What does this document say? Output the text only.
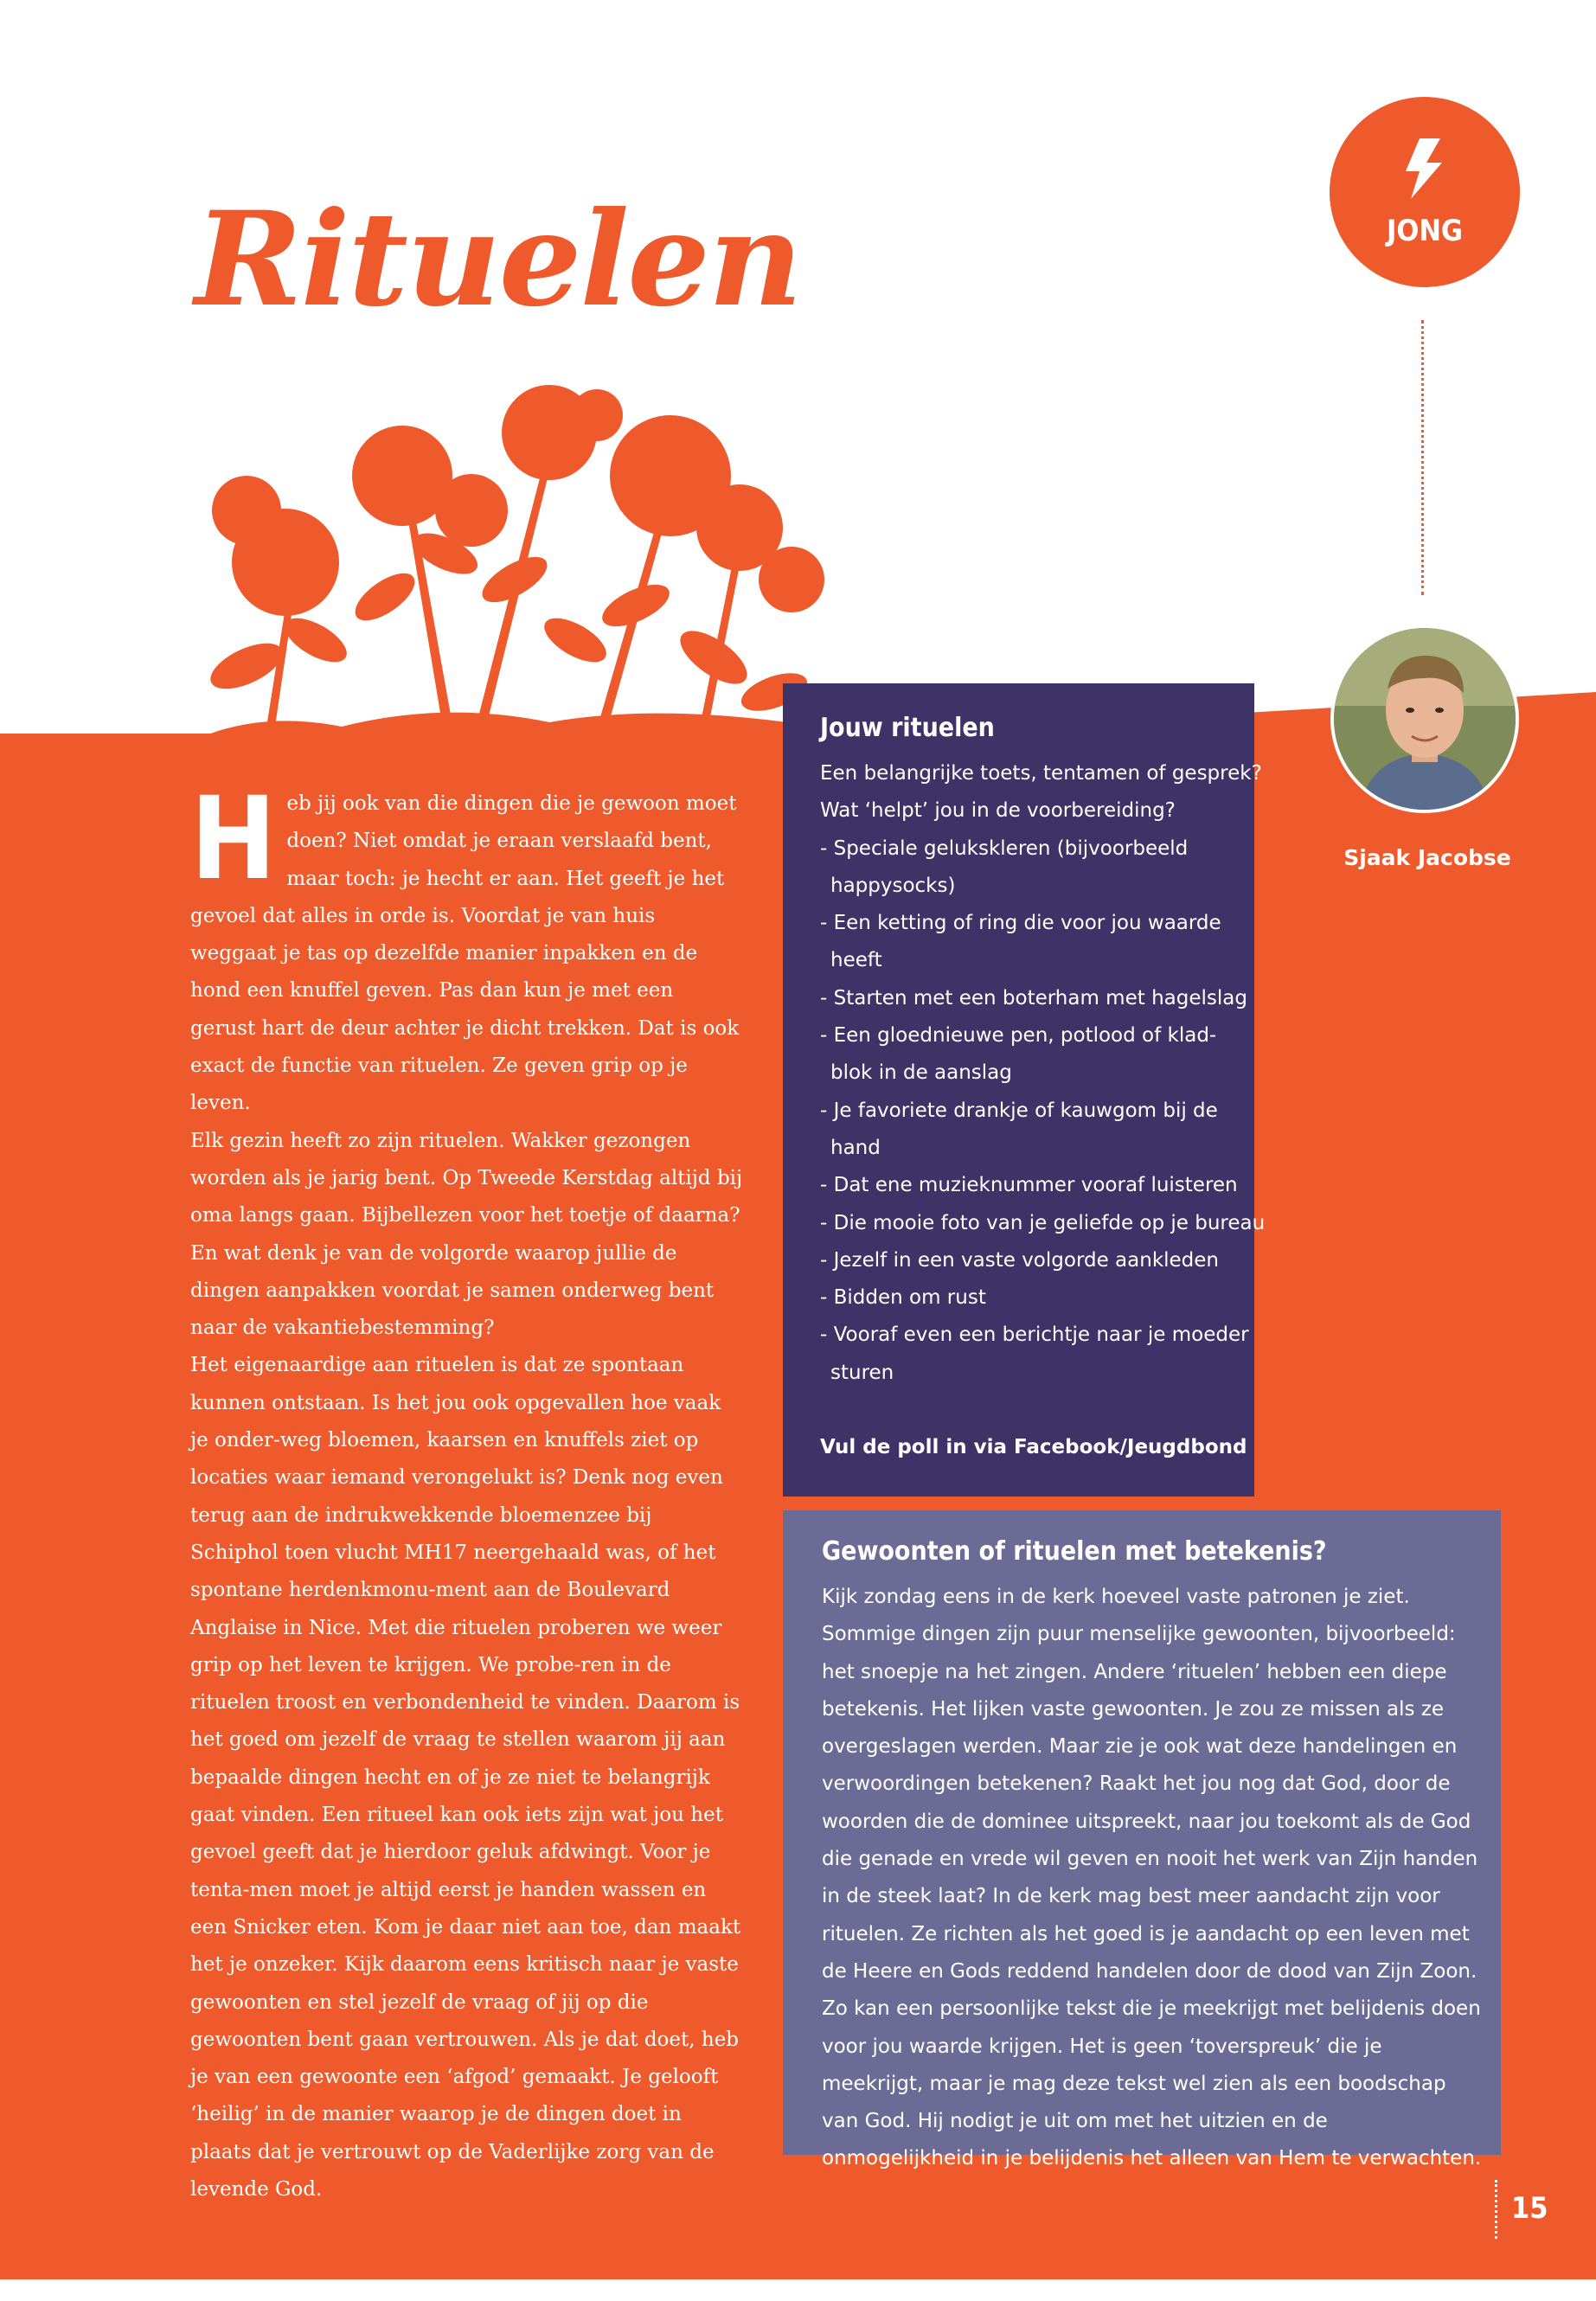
Rituelen	JONG
Sjaak Jacobse
H eb jij ook van die dingen die je gewoon moet doen? Niet omdat je eraan verslaafd bent, maar toch: je hecht er aan. Het geeft je het gevoel dat alles in orde is. Voordat je van huis weggaat je tas op dezelfde manier inpakken en de hond een knuffel geven. Pas dan kun je met een gerust hart de deur achter je dicht trekken. Dat is ook exact de functie van rituelen. Ze geven grip op je leven.

Elk gezin heeft zo zijn rituelen. Wakker gezongen worden als je jarig bent. Op Tweede Kerstdag altijd bij oma langs gaan. Bijbellezen voor het toetje of daarna? En wat denk je van de volgorde waarop jullie de dingen aanpakken voordat je samen onderweg bent naar de vakantiebestemming?

Het eigenaardige aan rituelen is dat ze spontaan kunnen ontstaan. Is het jou ook opgevallen hoe vaak je onder-weg bloemen, kaarsen en knuffels ziet op locaties waar iemand verongelukt is? Denk nog even terug aan de indrukwekkende bloemenzee bij Schiphol toen vlucht MH17 neergehaald was, of het spontane herdenkmonu-ment aan de Boulevard Anglaise in Nice. Met die rituelen proberen we weer grip op het leven te krijgen. We probe-ren in de rituelen troost en verbondenheid te vinden. Daarom is het goed om jezelf de vraag te stellen waarom jij aan bepaalde dingen hecht en of je ze niet te belangrijk gaat vinden. Een ritueel kan ook iets zijn wat jou het gevoel geeft dat je hierdoor geluk afdwingt. Voor je tenta-men moet je altijd eerst je handen wassen en een Snicker eten. Kom je daar niet aan toe, dan maakt het je onzeker. Kijk daarom eens kritisch naar je vaste gewoonten en stel jezelf de vraag of jij op die gewoonten bent gaan vertrouwen. Als je dat doet, heb je van een gewoonte een ‘afgod’ gemaakt. Je gelooft ‘heilig’ in de manier waarop je de dingen doet in plaats dat je vertrouwt op de Vaderlijke zorg van de levende God.

Jouw rituelen
Een belangrijke toets, tentamen of gesprek?
Wat ‘helpt’ jou in de voorbereiding?
- Speciale gelukskleren (bijvoorbeeld
happysocks)
- Een ketting of ring die voor jou waarde
heeft
- Starten met een boterham met hagelslag
- Een gloednieuwe pen, potlood of klad-
blok in de aanslag
- Je favoriete drankje of kauwgom bij de
hand
- Dat ene muzieknummer vooraf luisteren
- Die mooie foto van je geliefde op je bureau
- Jezelf in een vaste volgorde aankleden
- Bidden om rust
- Vooraf even een berichtje naar je moeder
sturen
Vul de poll in via Facebook/Jeugdbond
Gewoonten of rituelen met betekenis?
Kijk zondag eens in de kerk hoeveel vaste patronen je ziet. Sommige dingen zijn puur menselijke gewoonten, bijvoorbeeld: het snoepje na het zingen. Andere ‘rituelen’ hebben een diepe betekenis. Het lijken vaste gewoonten. Je zou ze missen als ze overgeslagen werden. Maar zie je ook wat deze handelingen en verwoordingen betekenen? Raakt het jou nog dat God, door de woorden die de dominee uitspreekt, naar jou toekomt als de God die genade en vrede wil geven en nooit het werk van Zijn handen in de steek laat? In de kerk mag best meer aandacht zijn voor rituelen. Ze richten als het goed is je aandacht op een leven met de Heere en Gods reddend handelen door de dood van Zijn Zoon. Zo kan een persoonlijke tekst die je meekrijgt met belijdenis doen voor jou waarde krijgen. Het is geen ‘toverspreuk’ die je meekrijgt, maar je mag deze tekst wel zien als een boodschap van God. Hij nodigt je uit om met het uitzien en de onmogelijkheid in je belijdenis het alleen van Hem te verwachten.
15
